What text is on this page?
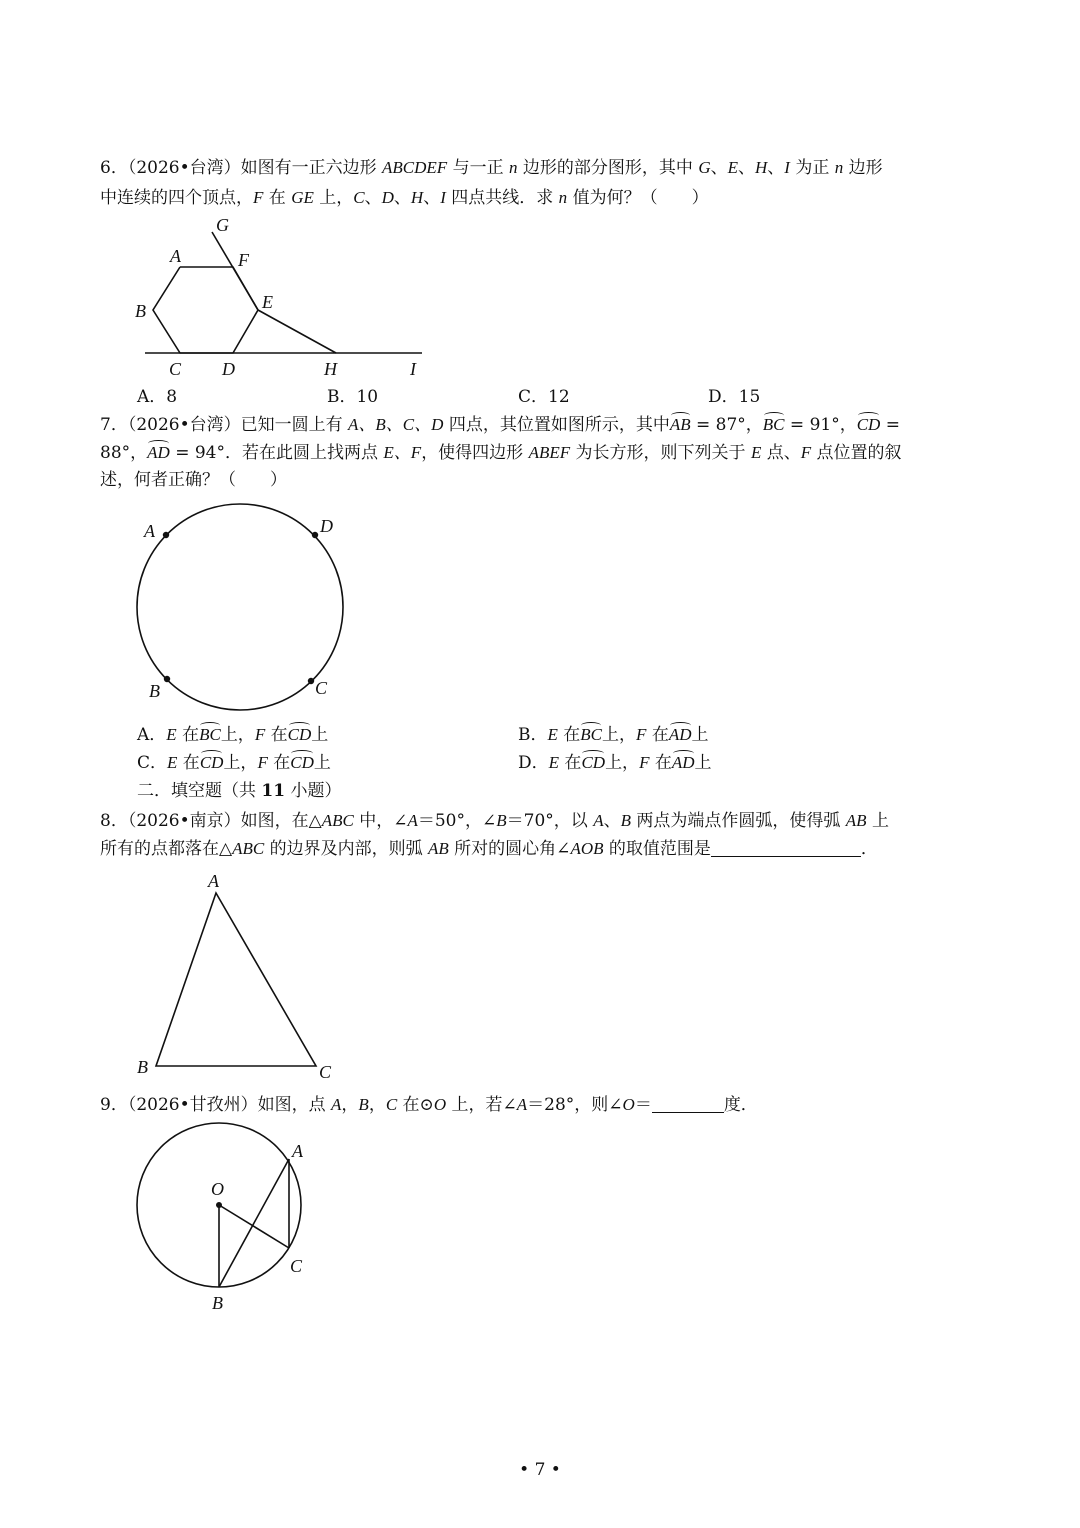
6．（2026•台湾）如图有一正六边形 ABCDEF 与一正 n 边形的部分图形，其中 G、E、H、I 为正 n 边形
中连续的四个顶点，F 在 GE 上，C、D、H、I 四点共线．求 n 值为何？（　　）
G
A	F
B	E
C D	H	I
A．8	B．10	C．12	D．15
7．（2026•台湾）已知一圆上有 A、B、C、D 四点，其位置如图所示，其中AB = 87°，BC = 91°，CD =
88°，AD = 94°．若在此圆上找两点 E、F，使得四边形 ABEF 为长方形，则下列关于 E 点、F 点位置的叙
述，何者正确？（　　）
A	D
B	C
A．E 在BC上，F 在CD上	B．E 在BC上，F 在AD上
C．E 在CD上，F 在CD上	D．E 在CD上，F 在AD上
二．填空题（共 11 小题）
8．（2026•南京）如图，在△ABC 中，∠A＝50°，∠B＝70°，以 A、B 两点为端点作圆弧，使得弧 AB 上
所有的点都落在△ABC 的边界及内部，则弧 AB 所对的圆心角∠AOB 的取值范围是	．
A
B	C
9．（2026•甘孜州）如图，点 A，B，C 在⊙O 上，若∠A＝28°，则∠O＝	度．
A
O
C
B
• 7 •
